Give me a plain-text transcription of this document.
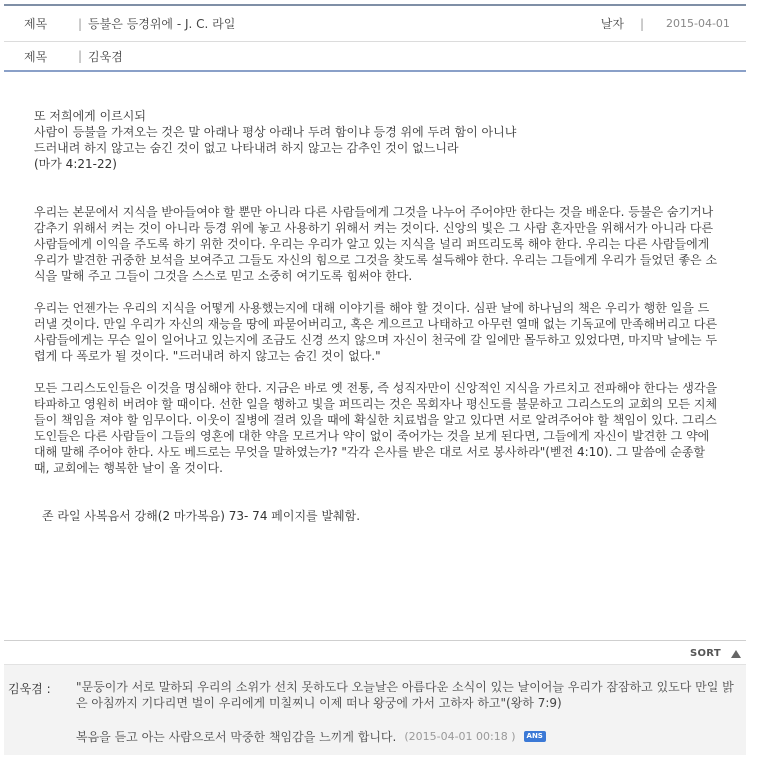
제목	| 등불은 등경위에 - J. C. 라일	날자 | 2015-04-01
제목	| 김욱겸

또 저희에게 이르시되

사람이 등불을 가져오는 것은 말 아래나 평상 아래나 두려 함이냐 등경 위에 두려 함이 아니냐

드러내려 하지 않고는 숨긴 것이 없고 나타내려 하지 않고는 감추인 것이 없느니라

(마가 4:21-22)

우리는 본문에서 지식을 받아들여야 할 뿐만 아니라 다른 사람들에게 그것을 나누어 주어야만 한다는 것을 배운다. 등불은 숨기거나 감추기 위해서 켜는 것이 아니라 등경 위에 놓고 사용하기 위해서 켜는 것이다. 신앙의 빛은 그 사람 혼자만을 위해서가 아니라 다른 사람들에게 이익을 주도록 하기 위한 것이다. 우리는 우리가 알고 있는 지식을 널리 퍼뜨리도록 해야 한다. 우리는 다른 사람들에게 우리가 발견한 귀중한 보석을 보여주고 그들도 자신의 힘으로 그것을 찾도록 설득해야 한다. 우리는 그들에게 우리가 들었던 좋은 소식을 말해 주고 그들이 그것을 스스로 믿고 소중히 여기도록 힘써야 한다.

우리는 언젠가는 우리의 지식을 어떻게 사용했는지에 대해 이야기를 해야 할 것이다. 심판 날에 하나님의 책은 우리가 행한 일을 드러낼 것이다. 만일 우리가 자신의 재능을 땅에 파묻어버리고, 혹은 게으르고 나태하고 아무런 열매 없는 기독교에 만족해버리고 다른 사람들에게는 무슨 일이 일어나고 있는지에 조금도 신경 쓰지 않으며 자신이 천국에 갈 일에만 몰두하고 있었다면, 마지막 날에는 두렵게 다 폭로가 될 것이다. "드러내려 하지 않고는 숨긴 것이 없다."

모든 그리스도인들은 이것을 명심해야 한다. 지금은 바로 옛 전통, 즉 성직자만이 신앙적인 지식을 가르치고 전파해야 한다는 생각을 타파하고 영원히 버려야 할 때이다. 선한 일을 행하고 빛을 퍼뜨리는 것은 목회자나 평신도를 불문하고 그리스도의 교회의 모든 지체들이 책임을 져야 할 임무이다. 이웃이 질병에 걸려 있을 때에 확실한 치료법을 알고 있다면 서로 알려주어야 할 책임이 있다. 그리스도인들은 다른 사람들이 그들의 영혼에 대한 약을 모르거나 약이 없이 죽어가는 것을 보게 된다면, 그들에게 자신이 발견한 그 약에 대해 말해 주어야 한다. 사도 베드로는 무엇을 말하였는가? "각각 은사를 받은 대로 서로 봉사하라"(벧전 4:10). 그 말씀에 순종할 때, 교회에는 행복한 날이 올 것이다.

존 라일 사복음서 강해(2 마가복음) 73- 74 페이지를 발췌함.

SORT
김욱겸 : "문둥이가 서로 말하되 우리의 소위가 선치 못하도다 오늘날은 아름다운 소식이 있는 날이어늘 우리가 잠잠하고 있도다 만일 밝은 아침까지 기다리면 벌이 우리에게 미칠찌니 이제 떠나 왕궁에 가서 고하자 하고"(왕하 7:9)
복음을 듣고 아는 사람으로서 막중한 책임감을 느끼게 합니다. (2015-04-01 00:18 )	ANS
